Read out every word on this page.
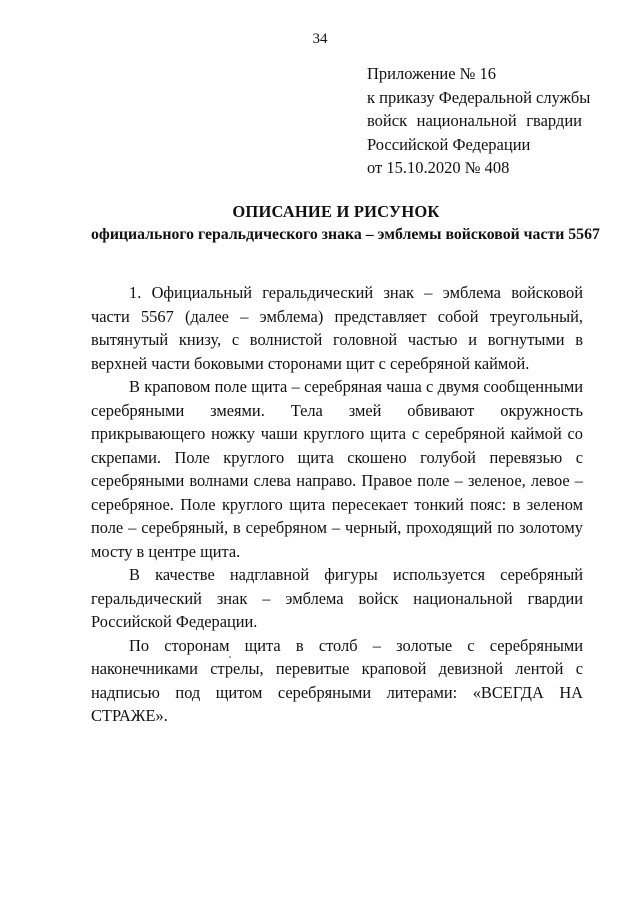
34
Приложение № 16
к приказу Федеральной службы
войск национальной гвардии
Российской Федерации
от 15.10.2020 № 408
ОПИСАНИЕ И РИСУНОК
официального геральдического знака – эмблемы войсковой части 5567

1. Официальный геральдический знак – эмблема войсковой части 5567 (далее – эмблема) представляет собой треугольный, вытянутый книзу, с волнистой головной частью и вогнутыми в верхней части боковыми сторонами щит с серебряной каймой.

В краповом поле щита – серебряная чаша с двумя сообщенными серебряными змеями. Тела змей обвивают окружность прикрывающего ножку чаши круглого щита с серебряной каймой со скрепами. Поле круглого щита скошено голубой перевязью с серебряными волнами слева направо. Правое поле – зеленое, левое – серебряное. Поле круглого щита пересекает тонкий пояс: в зеленом поле – серебряный, в серебряном – черный, проходящий по золотому мосту в центре щита.

В качестве надглавной фигуры используется серебряный геральдический знак – эмблема войск национальной гвардии Российской Федерации.

По сторонам щита в столб – золотые с серебряными наконечниками стрелы, перевитые краповой девизной лентой с надписью под щитом серебряными литерами: «ВСЕГДА НА СТРАЖЕ».
